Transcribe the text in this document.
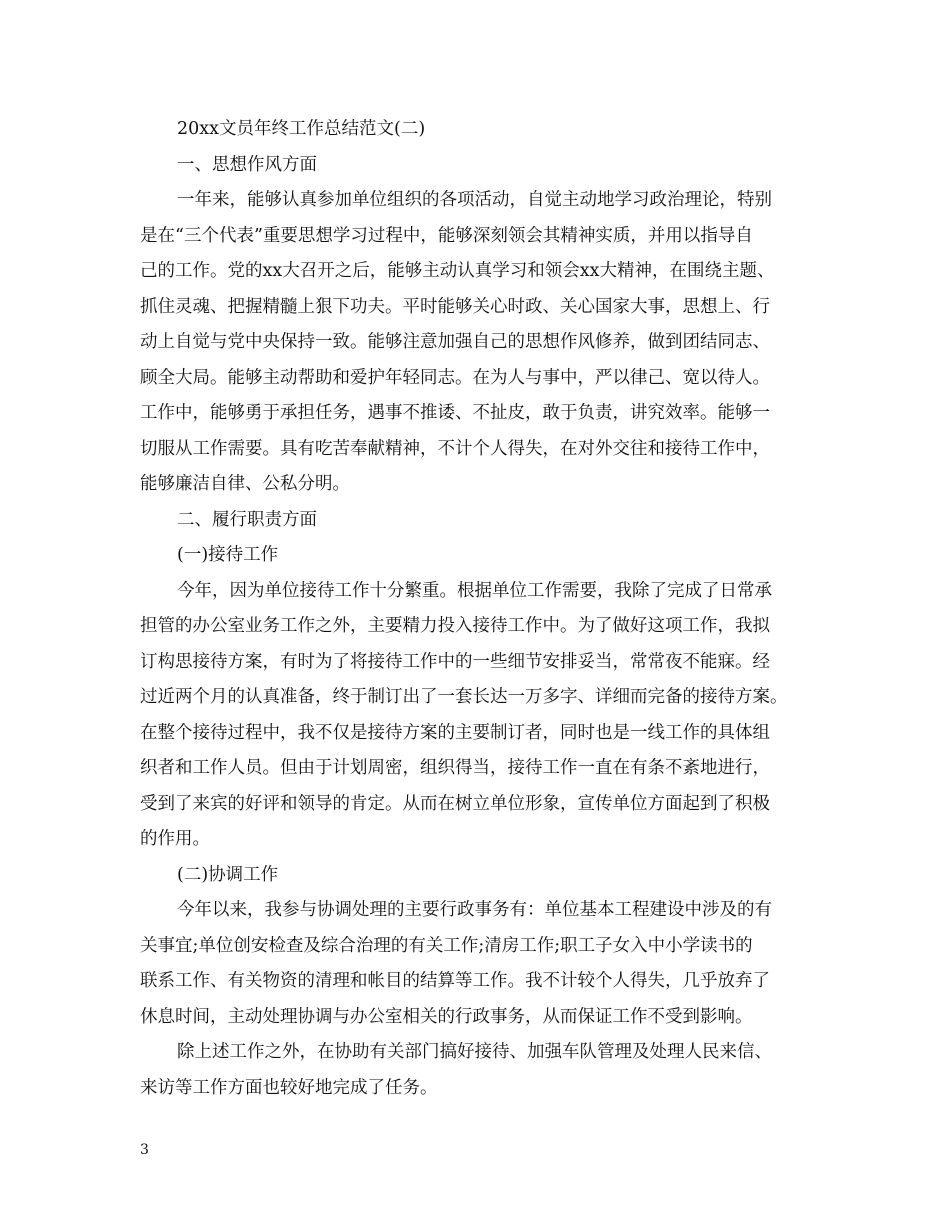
20xx文员年终工作总结范文(二)
一、思想作风方面
一年来，能够认真参加单位组织的各项活动，自觉主动地学习政治理论，特别
是在“三个代表”重要思想学习过程中，能够深刻领会其精神实质，并用以指导自
己的工作。党的xx大召开之后，能够主动认真学习和领会xx大精神，在围绕主题、
抓住灵魂、把握精髓上狠下功夫。平时能够关心时政、关心国家大事，思想上、行
动上自觉与党中央保持一致。能够注意加强自己的思想作风修养，做到团结同志、
顾全大局。能够主动帮助和爱护年轻同志。在为人与事中，严以律己、宽以待人。
工作中，能够勇于承担任务，遇事不推诿、不扯皮，敢于负责，讲究效率。能够一
切服从工作需要。具有吃苦奉献精神，不计个人得失，在对外交往和接待工作中，
能够廉洁自律、公私分明。
二、履行职责方面
(一)接待工作
今年，因为单位接待工作十分繁重。根据单位工作需要，我除了完成了日常承
担管的办公室业务工作之外，主要精力投入接待工作中。为了做好这项工作，我拟
订构思接待方案，有时为了将接待工作中的一些细节安排妥当，常常夜不能寐。经
过近两个月的认真准备，终于制订出了一套长达一万多字、详细而完备的接待方案。
在整个接待过程中，我不仅是接待方案的主要制订者，同时也是一线工作的具体组
织者和工作人员。但由于计划周密，组织得当，接待工作一直在有条不紊地进行，
受到了来宾的好评和领导的肯定。从而在树立单位形象，宣传单位方面起到了积极
的作用。
(二)协调工作
今年以来，我参与协调处理的主要行政事务有：单位基本工程建设中涉及的有
关事宜;单位创安检查及综合治理的有关工作;清房工作;职工子女入中小学读书的
联系工作、有关物资的清理和帐目的结算等工作。我不计较个人得失，几乎放弃了
休息时间，主动处理协调与办公室相关的行政事务，从而保证工作不受到影响。
除上述工作之外，在协助有关部门搞好接待、加强车队管理及处理人民来信、
来访等工作方面也较好地完成了任务。
3
